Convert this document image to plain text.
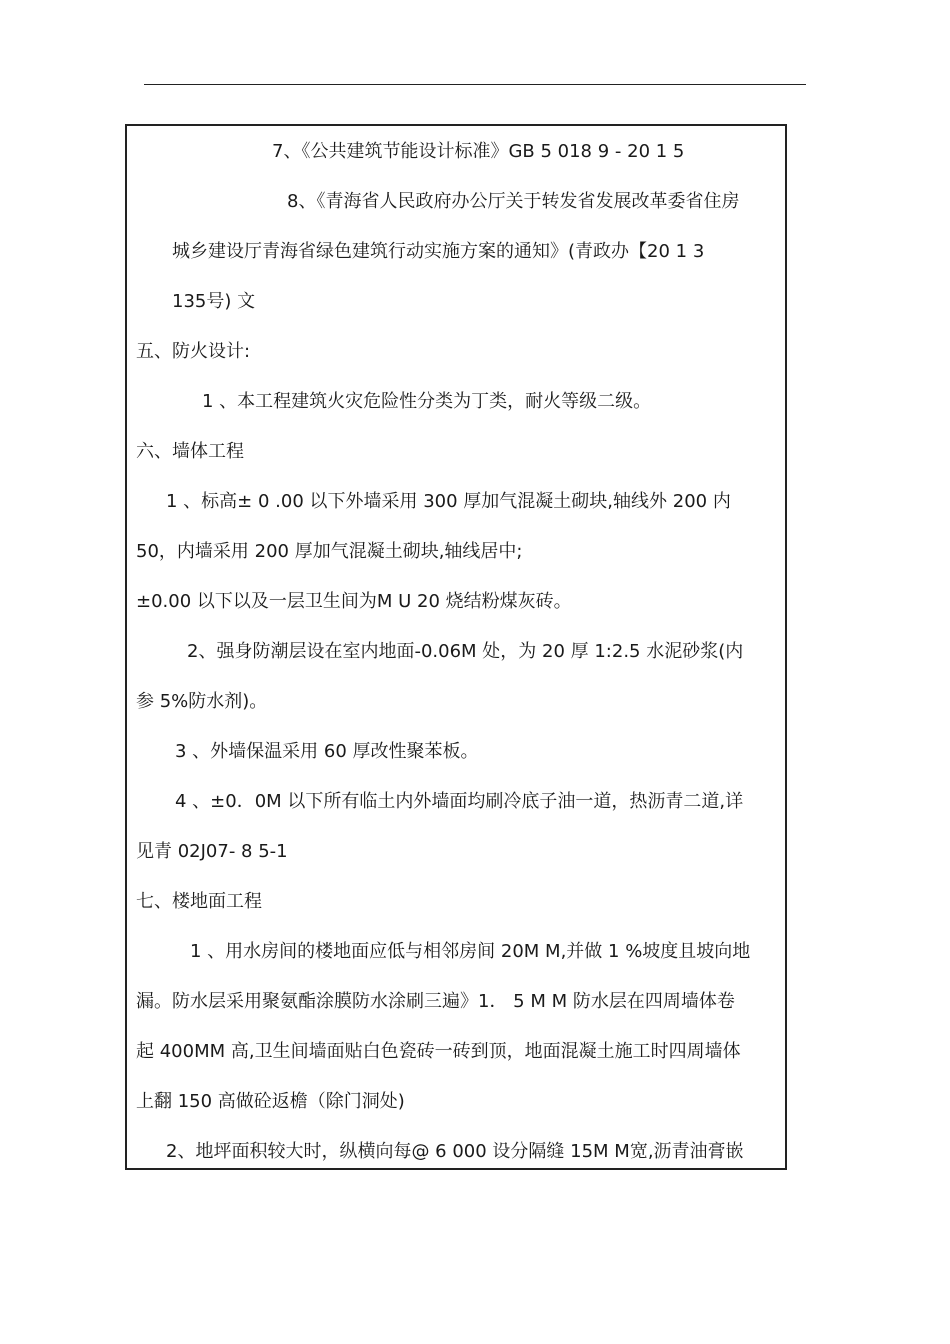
7、《公共建筑节能设计标准》GB 5 018 9 - 20 1 5
8、《青海省人民政府办公厅关于转发省发展改革委省住房
城乡建设厅青海省绿色建筑行动实施方案的通知》(青政办【20 1 3
135号) 文
五、防火设计:
1 、本工程建筑火灾危险性分类为丁类，耐火等级二级。
六、墙体工程
1 、标高± 0 .00 以下外墙采用 300 厚加气混凝土砌块,轴线外 200 内
50，内墙采用 200 厚加气混凝土砌块,轴线居中;
±0.00 以下以及一层卫生间为M U 20 烧结粉煤灰砖。
2、强身防潮层设在室内地面-0.06M 处，为 20 厚 1:2.5 水泥砂浆(内
参 5%防水剂)。
3 、外墙保温采用 60 厚改性聚苯板。
4 、±0．0M 以下所有临土内外墙面均刷冷底子油一道，热沥青二道,详
见青 02J07- 8 5-1
七、楼地面工程
1 、用水房间的楼地面应低与相邻房间 20M M,并做 1 %坡度且坡向地
漏。防水层采用聚氨酯涂膜防水涂刷三遍》1． 5 M M 防水层在四周墙体卷
起 400MM 高,卫生间墙面贴白色瓷砖一砖到顶，地面混凝土施工时四周墙体
上翻 150 高做砼返檐（除门洞处)
2、地坪面积较大时，纵横向每@ 6 000 设分隔缝 15M M宽,沥青油膏嵌
